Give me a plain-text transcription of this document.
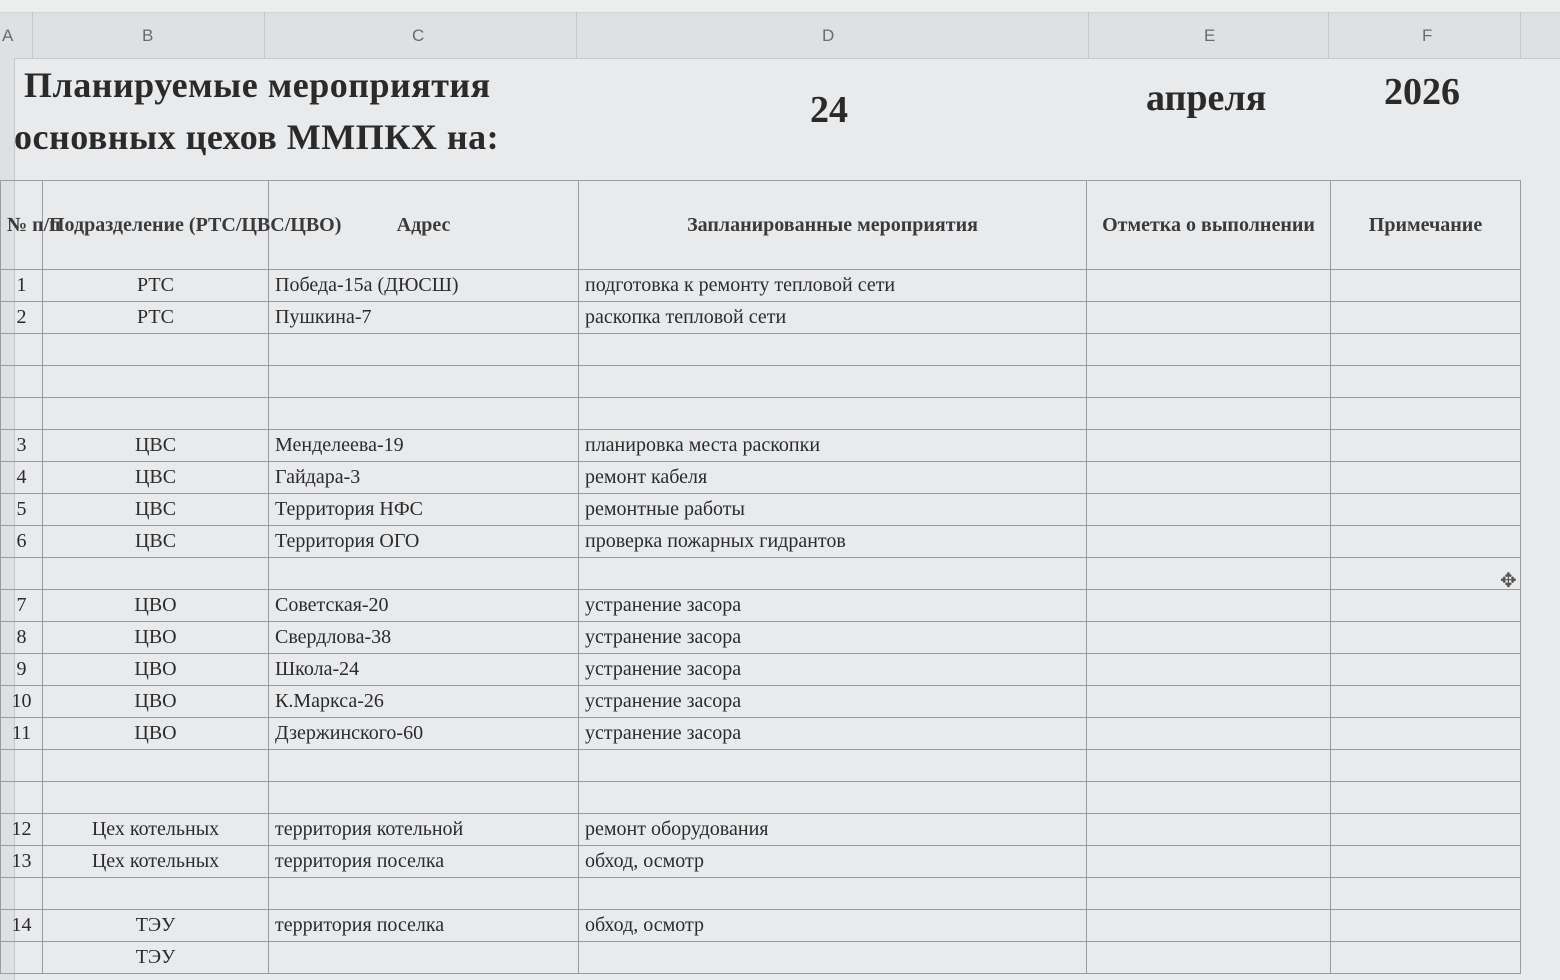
A	B	C	D	E	F
Планируемые мероприятия
основных цехов ММПКХ на:
24	апреля	2026
№ п/п	Подразделение (РТС/ЦВС/ЦВО)	Адрес	Запланированные мероприятия	Отметка о выполнении	Примечание
1	РТС	Победа-15а (ДЮСШ)	подготовка к ремонту тепловой сети		
2	РТС	Пушкина-7	раскопка тепловой сети		

3	ЦВС	Менделеева-19	планировка места раскопки		
4	ЦВС	Гайдара-3	ремонт кабеля		
5	ЦВС	Территория НФС	ремонтные работы		
6	ЦВС	Территория ОГО	проверка пожарных гидрантов		

7	ЦВО	Советская-20	устранение засора		
8	ЦВО	Свердлова-38	устранение засора		
9	ЦВО	Школа-24	устранение засора		
10	ЦВО	К.Маркса-26	устранение засора		
11	ЦВО	Дзержинского-60	устранение засора		

12	Цех котельных	территория котельной	ремонт оборудования		
13	Цех котельных	территория поселка	обход, осмотр		

14	ТЭУ	территория поселка	обход, осмотр		
	ТЭУ				
✥
